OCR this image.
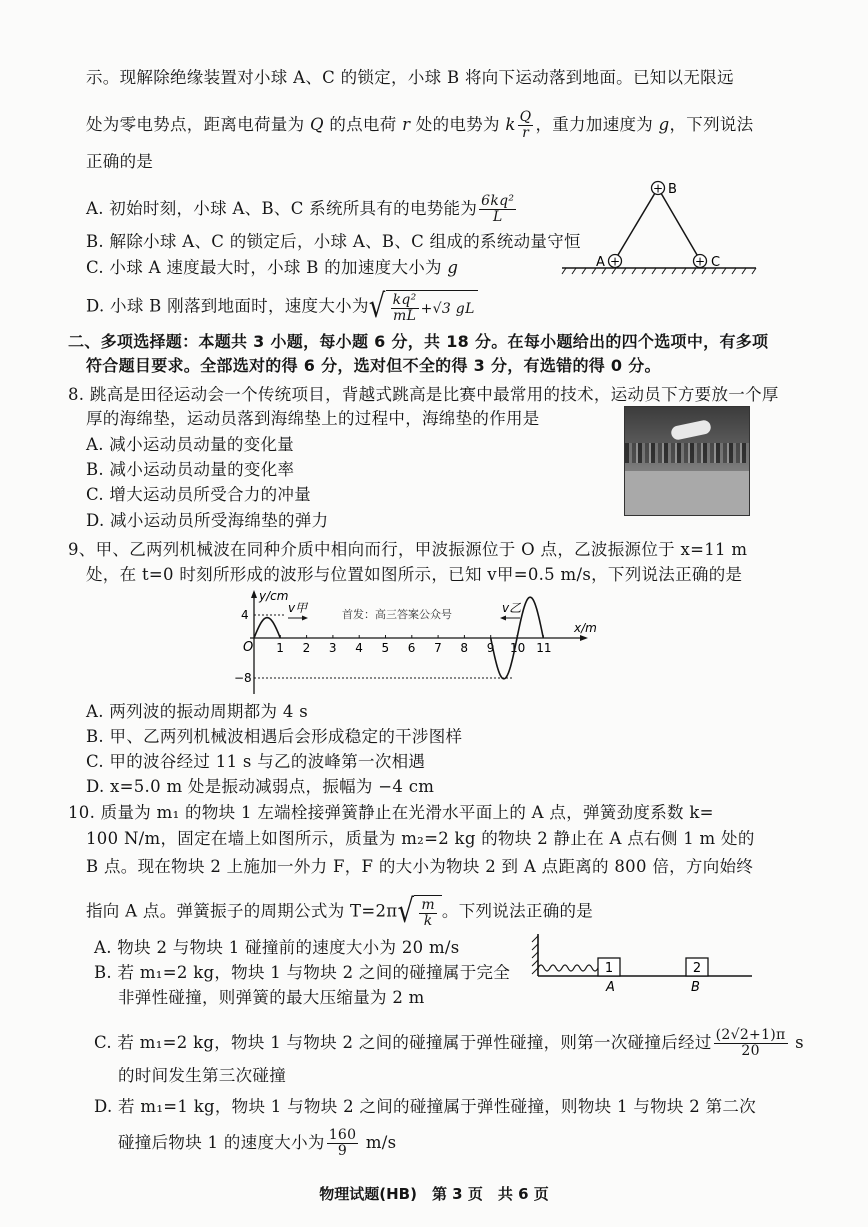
示。现解除绝缘装置对小球 A、C 的锁定，小球 B 将向下运动落到地面。已知以无限远
处为零电势点，距离电荷量为 Q 的点电荷 r 处的电势为 k $\frac{Q}{r}$ ，重力加速度为 g，下列说法
正确的是
A. 初始时刻，小球 A、B、C 系统所具有的电势能为 $\frac{\text{6kq²}}{L}$
B. 解除小球 A、C 的锁定后，小球 A、B、C 组成的系统动量守恒
C. 小球 A 速度最大时，小球 B 的加速度大小为 g
D. 小球 B 刚落到地面时，速度大小为 √ $\frac{\text{kq²}}{mL} +√3$ gL
+ B
+
A	+ C
二、多项选择题：本题共 3 小题，每小题 6 分，共 18 分。在每小题给出的四个选项中，有多项
符合题目要求。全部选对的得 6 分，选对但不全的得 3 分，有选错的得 0 分。
8. 跳高是田径运动会一个传统项目，背越式跳高是比赛中最常用的技术，运动员下方要放一个厚
厚的海绵垫，运动员落到海绵垫上的过程中，海绵垫的作用是
A. 减小运动员动量的变化量
B. 减小运动员动量的变化率
C. 增大运动员所受合力的冲量
D. 减小运动员所受海绵垫的弹力
9、甲、乙两列机械波在同种介质中相向而行，甲波振源位于 O 点，乙波振源位于 x=11 m
处，在 t=0 时刻所形成的波形与位置如图所示，已知 v甲=0.5 m/s，下列说法正确的是
y/cm
x/m
O
4
−8
1 2 3 4 5 6 7 8 9 10 11
v甲	首发：高三答案公众号	v乙
A. 两列波的振动周期都为 4 s
B. 甲、乙两列机械波相遇后会形成稳定的干涉图样
C. 甲的波谷经过 11 s 与乙的波峰第一次相遇
D. x=5.0 m 处是振动减弱点，振幅为 −4 cm
10. 质量为 m₁ 的物块 1 左端栓接弹簧静止在光滑水平面上的 A 点，弹簧劲度系数 k=
100 N/m，固定在墙上如图所示，质量为 m₂=2 kg 的物块 2 静止在 A 点右侧 1 m 处的
B 点。现在物块 2 上施加一外力 F，F 的大小为物块 2 到 A 点距离的 800 倍，方向始终
指向 A 点。弹簧振子的周期公式为 T=2π √ $\frac{m}{k}$ 。下列说法正确的是
A. 物块 2 与物块 1 碰撞前的速度大小为 20 m/s
B. 若 m₁=2 kg，物块 1 与物块 2 之间的碰撞属于完全
非弹性碰撞，则弹簧的最大压缩量为 2 m
1	2
A	B
C. 若 m₁=2 kg，物块 1 与物块 2 之间的碰撞属于弹性碰撞，则第一次碰撞后经过 $\frac{(2√2+1)\pi}{20}$ s
的时间发生第三次碰撞
D. 若 m₁=1 kg，物块 1 与物块 2 之间的碰撞属于弹性碰撞，则物块 1 与物块 2 第二次
碰撞后物块 1 的速度大小为 $\frac{160}{9} m/s$
物理试题(HB)　第 3 页　共 6 页
